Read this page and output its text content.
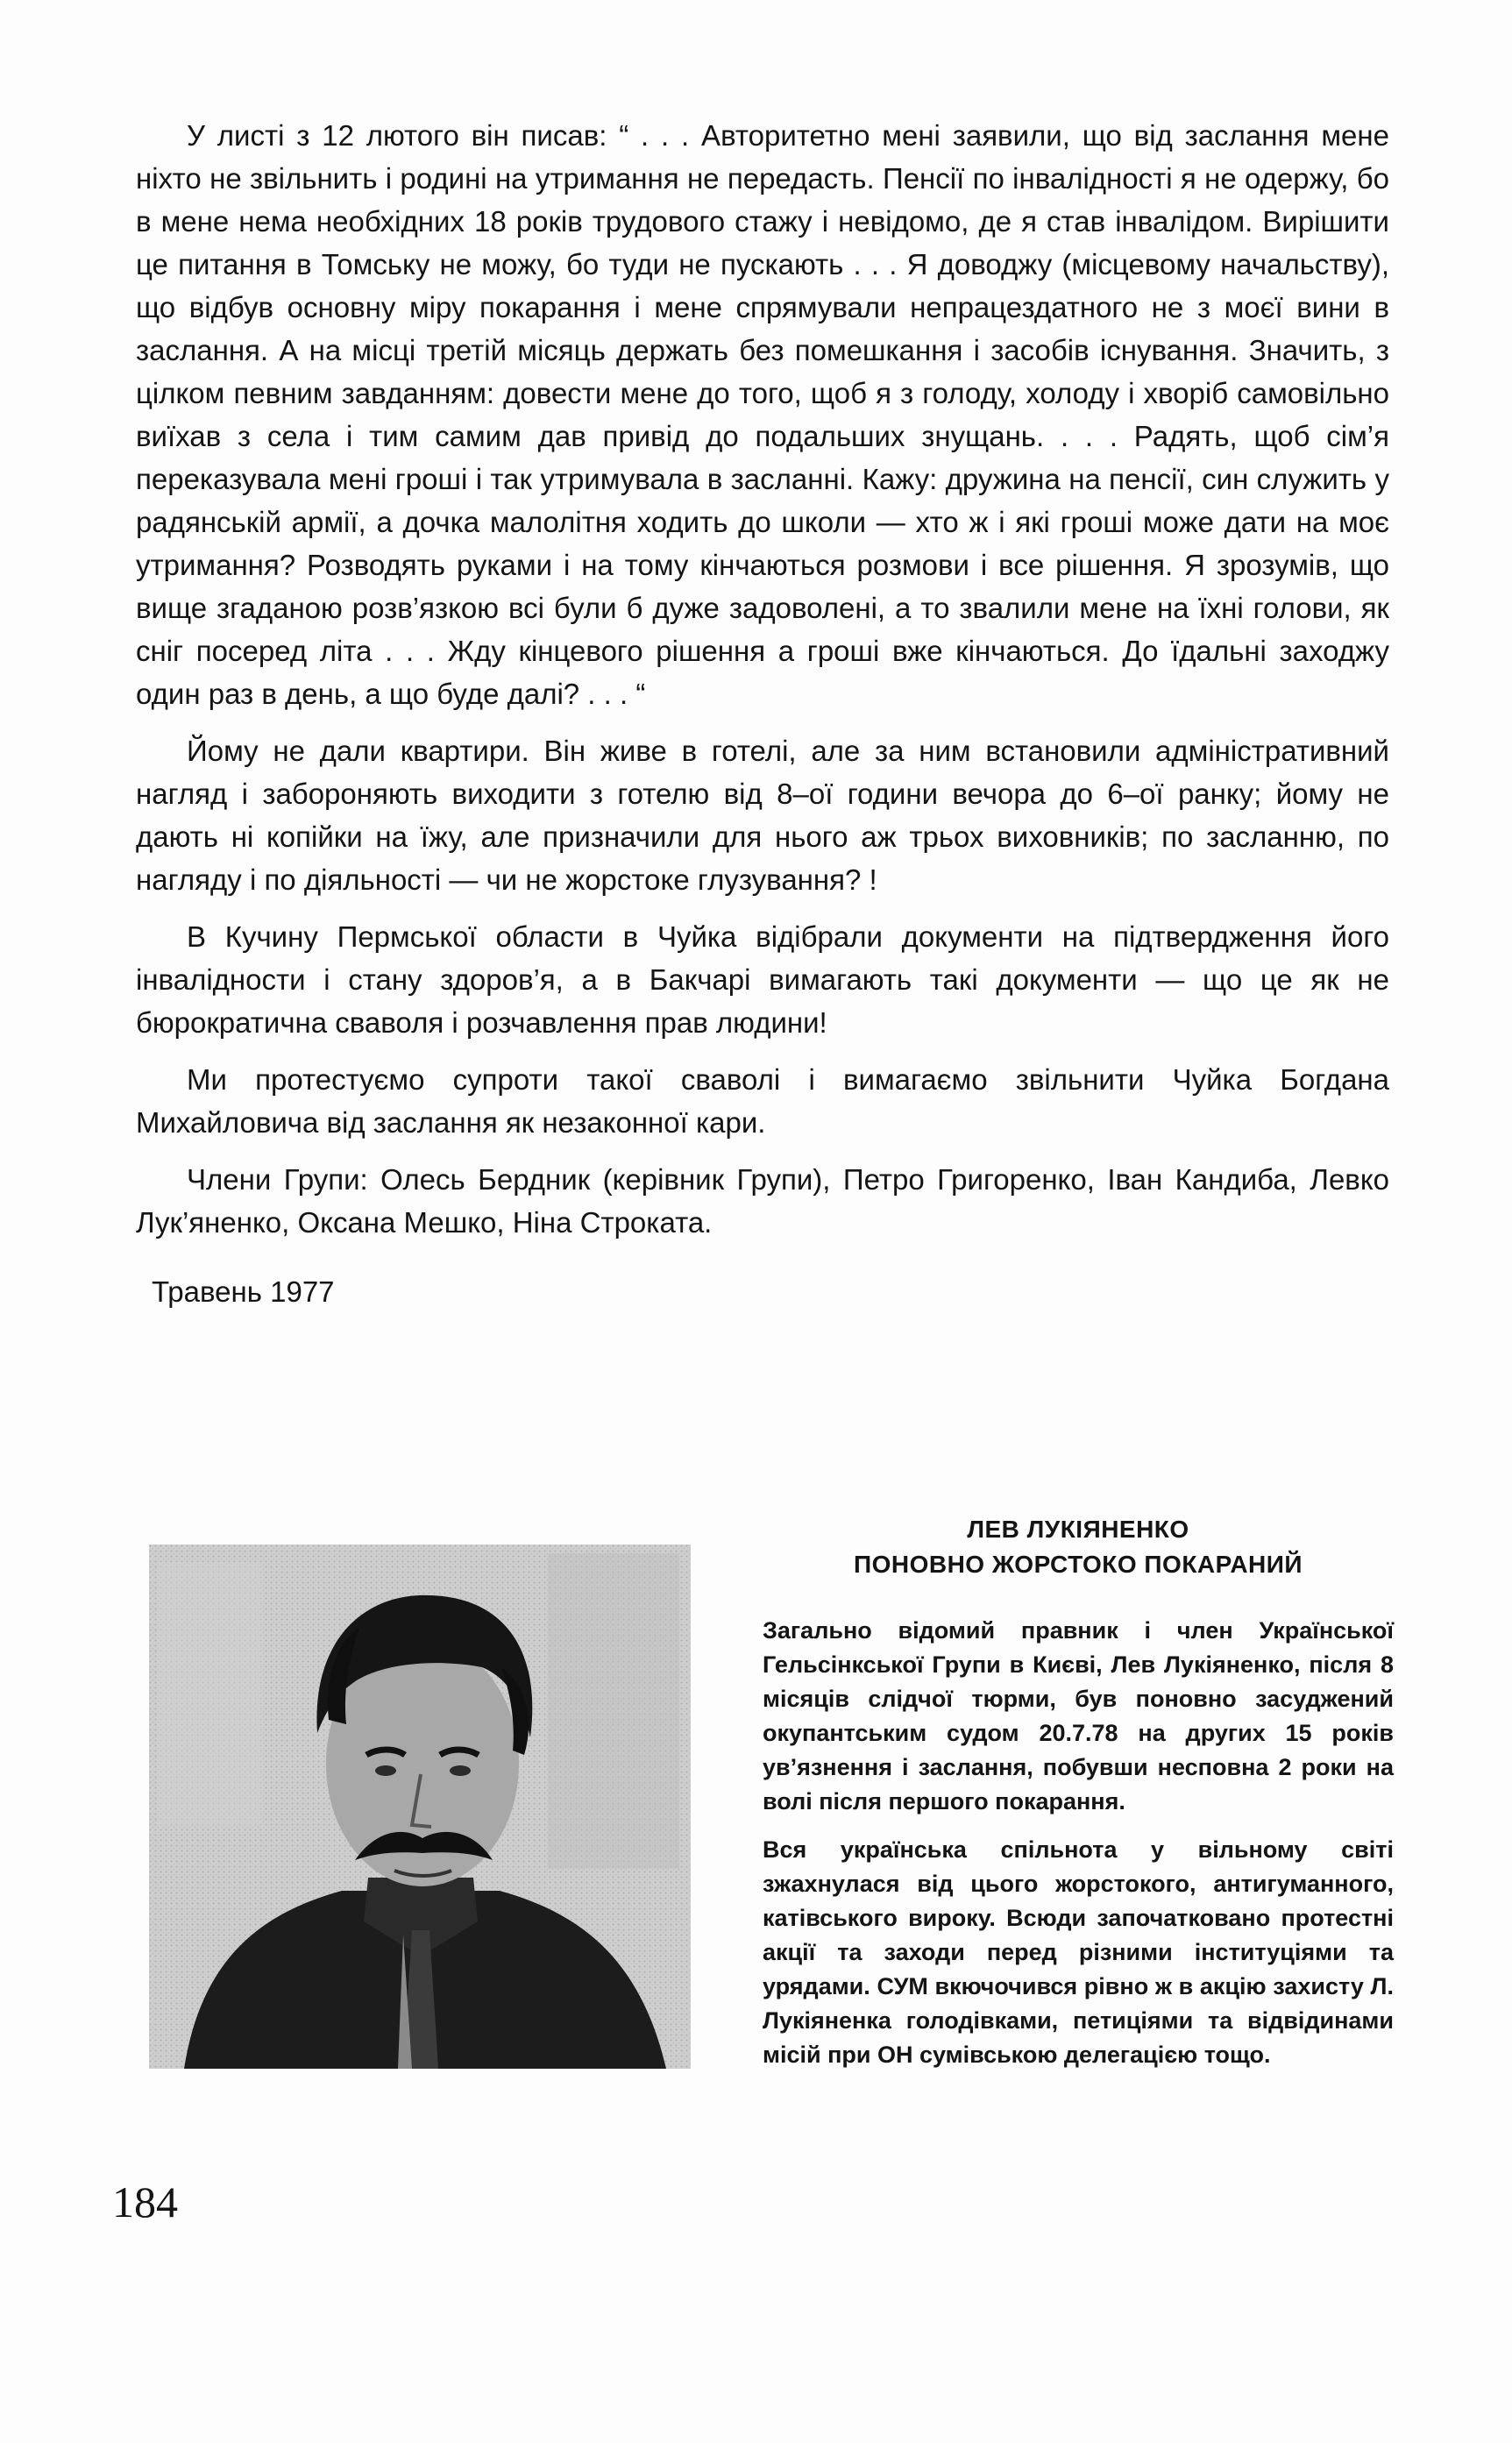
У листі з 12 лютого він писав: “ . . . Авторитетно мені заявили, що від заслання мене ніхто не звільнить і родині на утримання не передасть. Пенсії по інвалідності я не одержу, бо в мене нема необхідних 18 років трудового стажу і невідомо, де я став інвалідом. Вирішити це питання в Томську не можу, бо туди не пускають . . . Я доводжу (місцевому начальству), що відбув основну міру покарання і мене спрямували непрацездатного не з моєї вини в заслання. А на місці третій місяць держать без помешкання і засобів існування. Значить, з цілком певним завданням: довести мене до того, щоб я з голоду, холоду і хворіб самовільно виїхав з села і тим самим дав привід до подальших знущань. . . . Радять, щоб сім’я переказувала мені гроші і так утримувала в засланні. Кажу: дружина на пенсії, син служить у радянській армії, а дочка малолітня ходить до школи — хто ж і які гроші може дати на моє утримання? Розводять руками і на тому кінчаються розмови і все рішення. Я зрозумів, що вище згаданою розв’язкою всі були б дуже задоволені, а то звалили мене на їхні голови, як сніг посеред літа . . . Жду кінцевого рішення а гроші вже кінчаються. До їдальні заходжу один раз в день, а що буде далі? . . . “

Йому не дали квартири. Він живе в готелі, але за ним встановили адміністративний нагляд і забороняють виходити з готелю від 8–ої години вечора до 6–ої ранку; йому не дають ні копійки на їжу, але призначили для нього аж трьох виховників; по засланню, по нагляду і по діяльності — чи не жорстоке глузування? !

В Кучину Пермської области в Чуйка відібрали документи на підтвердження його інвалідности і стану здоров’я, а в Бакчарі вимагають такі документи — що це як не бюрократична сваволя і розчавлення прав людини!

Ми протестуємо супроти такої сваволі і вимагаємо звільнити Чуйка Богдана Михайловича від заслання як незаконної кари.

Члени Групи: Олесь Бердник (керівник Групи), Петро Григоренко, Іван Кандиба, Левко Лук’яненко, Оксана Мешко, Ніна Строката.

Травень 1977

184
ЛЕВ ЛУКІЯНЕНКО
ПОНОВНО ЖОРСТОКО ПОКАРАНИЙ

Загально відомий правник і член Української Гельсінкської Групи в Києві, Лев Лукіяненко, після 8 місяців слідчої тюрми, був поновно засуджений окупантським судом 20.7.78 на других 15 років ув’язнення і заслання, побувши несповна 2 роки на волі після першого покарання.

Вся українська спільнота у вільному світі зжахнулася від цього жорстокого, антигуманного, катівського вироку. Всюди започатковано протестні акції та заходи перед різними інституціями та урядами. СУМ вкючочився рівно ж в акцію захисту Л. Лукіяненка голодівками, петиціями та відвідинами місій при ОН сумівською делегацією тощо.
